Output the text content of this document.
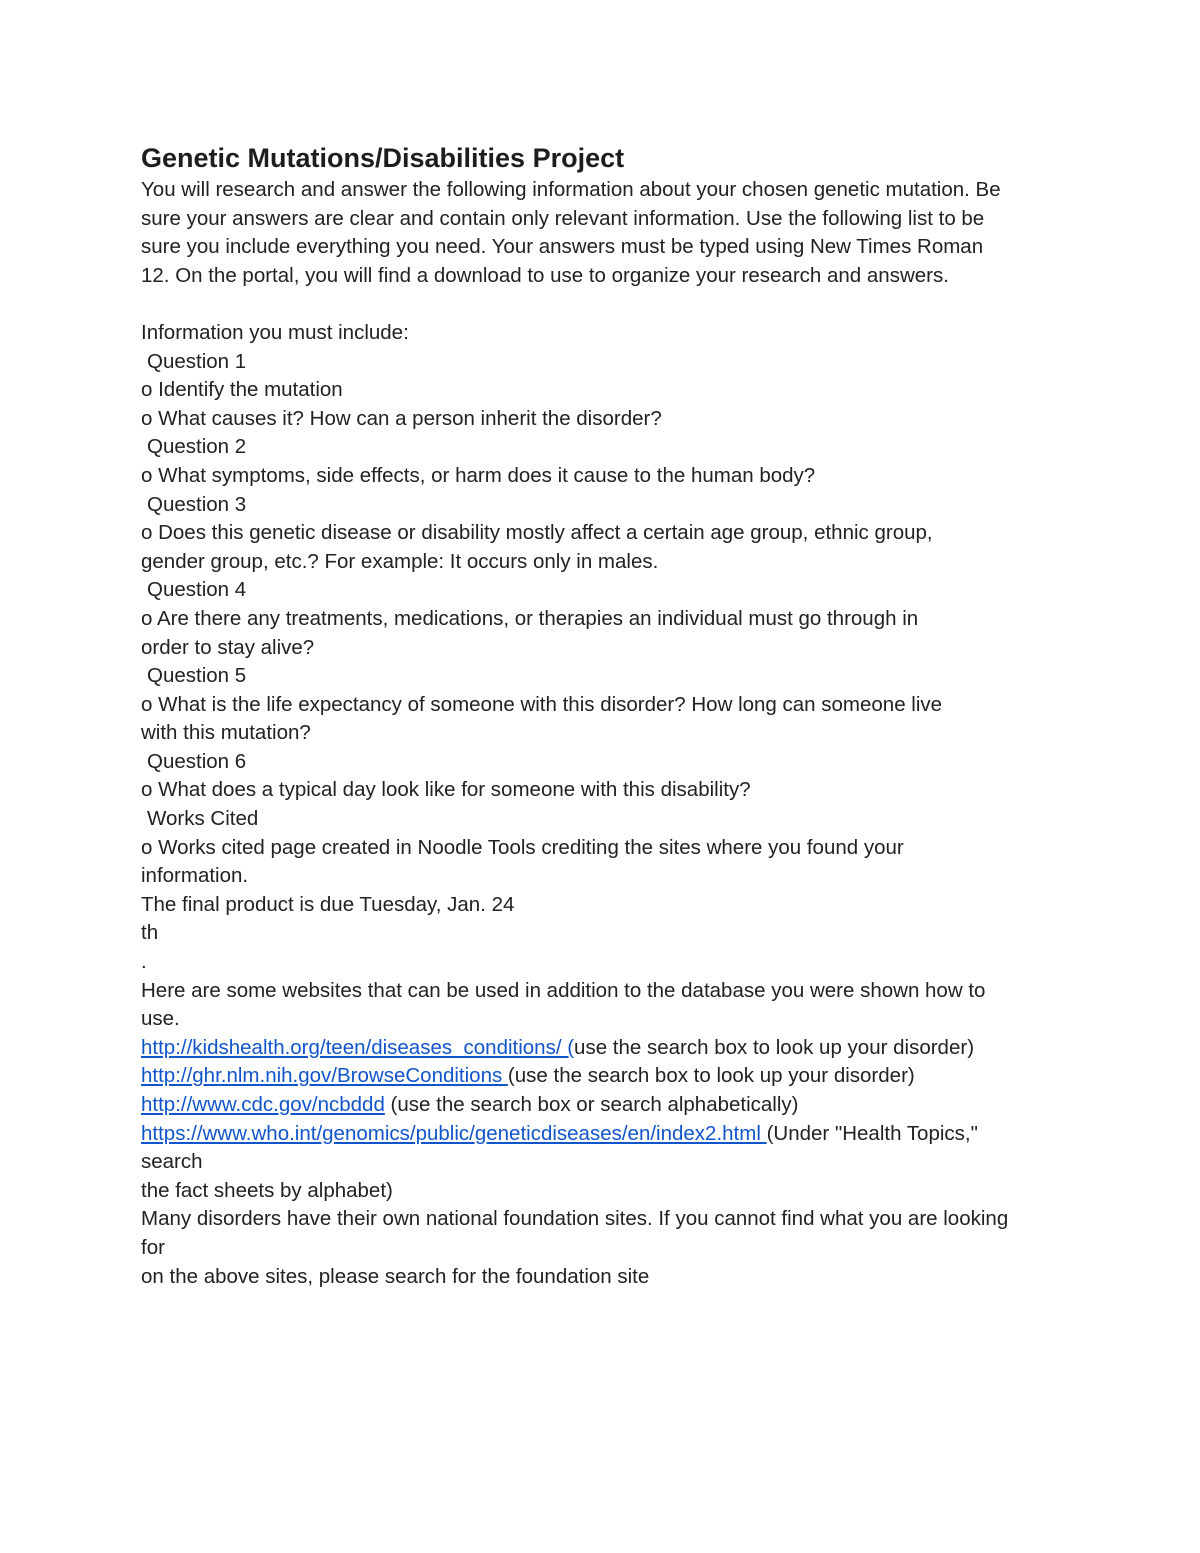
Genetic Mutations/Disabilities Project
You will research and answer the following information about your chosen genetic mutation. Be
sure your answers are clear and contain only relevant information. Use the following list to be
sure you include everything you need. Your answers must be typed using New Times Roman
12. On the portal, you will find a download to use to organize your research and answers.
Information you must include:
Question 1
o Identify the mutation
o What causes it? How can a person inherit the disorder?
Question 2
o What symptoms, side effects, or harm does it cause to the human body?
Question 3
o Does this genetic disease or disability mostly affect a certain age group, ethnic group,
gender group, etc.? For example: It occurs only in males.
Question 4
o Are there any treatments, medications, or therapies an individual must go through in
order to stay alive?
Question 5
o What is the life expectancy of someone with this disorder? How long can someone live
with this mutation?
Question 6
o What does a typical day look like for someone with this disability?
Works Cited
o Works cited page created in Noodle Tools crediting the sites where you found your
information.
The final product is due Tuesday, Jan. 24
th
.
Here are some websites that can be used in addition to the database you were shown how to
use.
http://kidshealth.org/teen/diseases_conditions/ (use the search box to look up your disorder)
http://ghr.nlm.nih.gov/BrowseConditions (use the search box to look up your disorder)
http://www.cdc.gov/ncbddd (use the search box or search alphabetically)
https://www.who.int/genomics/public/geneticdiseases/en/index2.html (Under "Health Topics,"
search
the fact sheets by alphabet)
Many disorders have their own national foundation sites. If you cannot find what you are looking
for
on the above sites, please search for the foundation site
